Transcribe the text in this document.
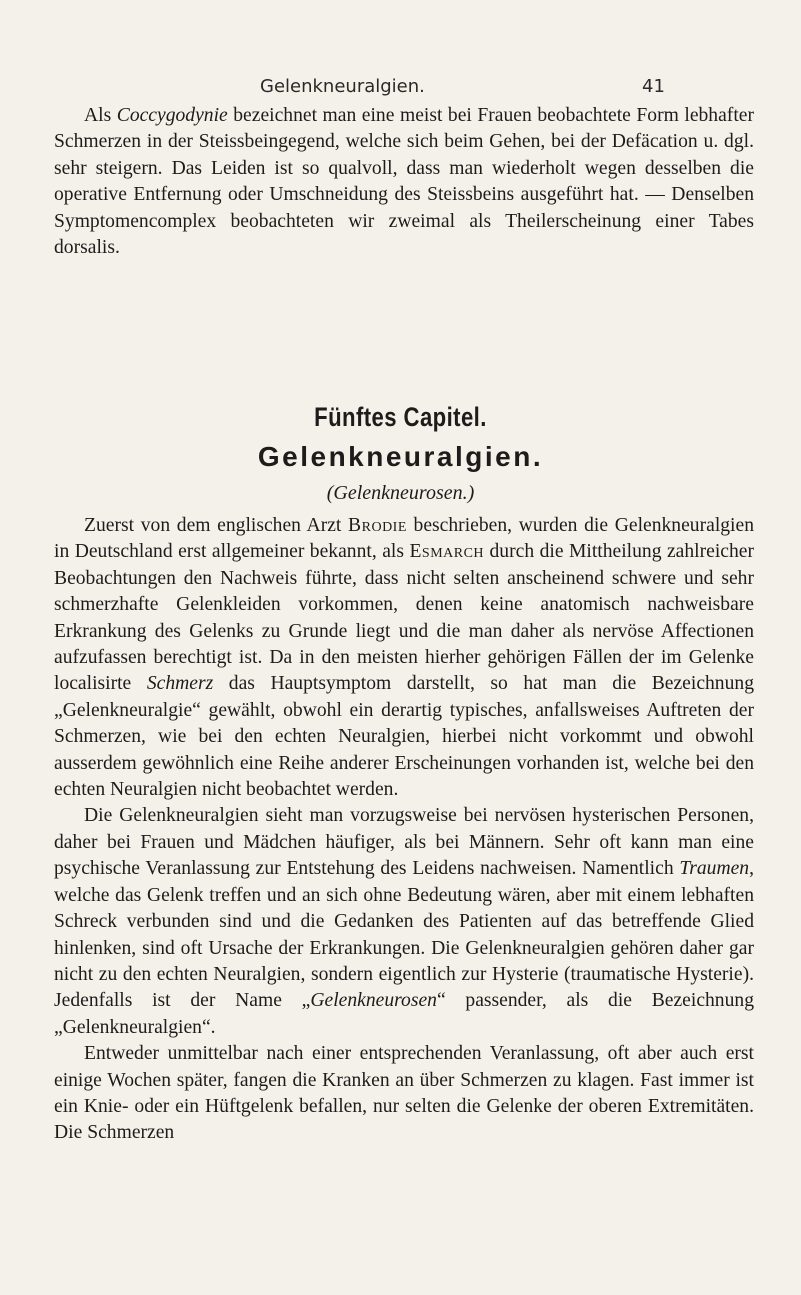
Gelenkneuralgien.	41

Als Coccygodynie bezeichnet man eine meist bei Frauen beobachtete Form lebhafter Schmerzen in der Steissbeingegend, welche sich beim Gehen, bei der Defäcation u. dgl. sehr steigern. Das Leiden ist so qualvoll, dass man wiederholt wegen desselben die operative Entfernung oder Umschneidung des Steissbeins ausgeführt hat. — Denselben Symptomencomplex beobachteten wir zweimal als Theilerscheinung einer Tabes dorsalis.

Fünftes Capitel.
Gelenkneuralgien.
(Gelenkneurosen.)

Zuerst von dem englischen Arzt Brodie beschrieben, wurden die Gelenkneuralgien in Deutschland erst allgemeiner bekannt, als Esmarch durch die Mittheilung zahlreicher Beobachtungen den Nachweis führte, dass nicht selten anscheinend schwere und sehr schmerzhafte Gelenkleiden vorkommen, denen keine anatomisch nachweisbare Erkrankung des Gelenks zu Grunde liegt und die man daher als nervöse Affectionen aufzufassen berechtigt ist. Da in den meisten hierher gehörigen Fällen der im Gelenke localisirte Schmerz das Hauptsymptom darstellt, so hat man die Bezeichnung „Gelenkneuralgie“ gewählt, obwohl ein derartig typisches, anfallsweises Auftreten der Schmerzen, wie bei den echten Neuralgien, hierbei nicht vorkommt und obwohl ausserdem gewöhnlich eine Reihe anderer Erscheinungen vorhanden ist, welche bei den echten Neuralgien nicht beobachtet werden.

Die Gelenkneuralgien sieht man vorzugsweise bei nervösen hysterischen Personen, daher bei Frauen und Mädchen häufiger, als bei Männern. Sehr oft kann man eine psychische Veranlassung zur Entstehung des Leidens nachweisen. Namentlich Traumen, welche das Gelenk treffen und an sich ohne Bedeutung wären, aber mit einem lebhaften Schreck verbunden sind und die Gedanken des Patienten auf das betreffende Glied hinlenken, sind oft Ursache der Erkrankungen. Die Gelenkneuralgien gehören daher gar nicht zu den echten Neuralgien, sondern eigentlich zur Hysterie (traumatische Hysterie). Jedenfalls ist der Name „Gelenkneurosen“ passender, als die Bezeichnung „Gelenkneuralgien“.

Entweder unmittelbar nach einer entsprechenden Veranlassung, oft aber auch erst einige Wochen später, fangen die Kranken an über Schmerzen zu klagen. Fast immer ist ein Knie- oder ein Hüftgelenk befallen, nur selten die Gelenke der oberen Extremitäten. Die Schmerzen
